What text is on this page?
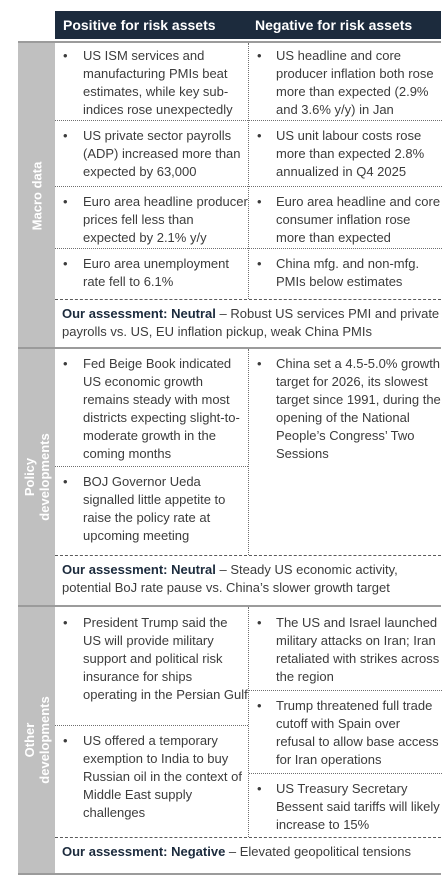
Positive for risk assets	Negative for risk assets
Macro data
• US ISM services and manufacturing PMIs beat estimates, while key sub-indices rose unexpectedly
• US private sector payrolls (ADP) increased more than expected by 63,000
• Euro area headline producer prices fell less than expected by 2.1% y/y
• Euro area unemployment rate fell to 6.1%
• US headline and core producer inflation both rose more than expected (2.9% and 3.6% y/y) in Jan
• US unit labour costs rose more than expected 2.8% annualized in Q4 2025
• Euro area headline and core consumer inflation rose more than expected
• China mfg. and non-mfg. PMIs below estimates
Our assessment: Neutral – Robust US services PMI and private payrolls vs. US, EU inflation pickup, weak China PMIs
Policy
developments
• Fed Beige Book indicated US economic growth remains steady with most districts expecting slight-to-moderate growth in the coming months
• BOJ Governor Ueda signalled little appetite to raise the policy rate at upcoming meeting
• China set a 4.5-5.0% growth target for 2026, its slowest target since 1991, during the opening of the National People’s Congress’ Two Sessions
Our assessment: Neutral – Steady US economic activity, potential BoJ rate pause vs. China’s slower growth target
Other
developments
• President Trump said the US will provide military support and political risk insurance for ships operating in the Persian Gulf
• US offered a temporary exemption to India to buy Russian oil in the context of Middle East supply challenges
• The US and Israel launched military attacks on Iran; Iran retaliated with strikes across the region
• Trump threatened full trade cutoff with Spain over refusal to allow base access for Iran operations
• US Treasury Secretary Bessent said tariffs will likely increase to 15%
Our assessment: Negative – Elevated geopolitical tensions
